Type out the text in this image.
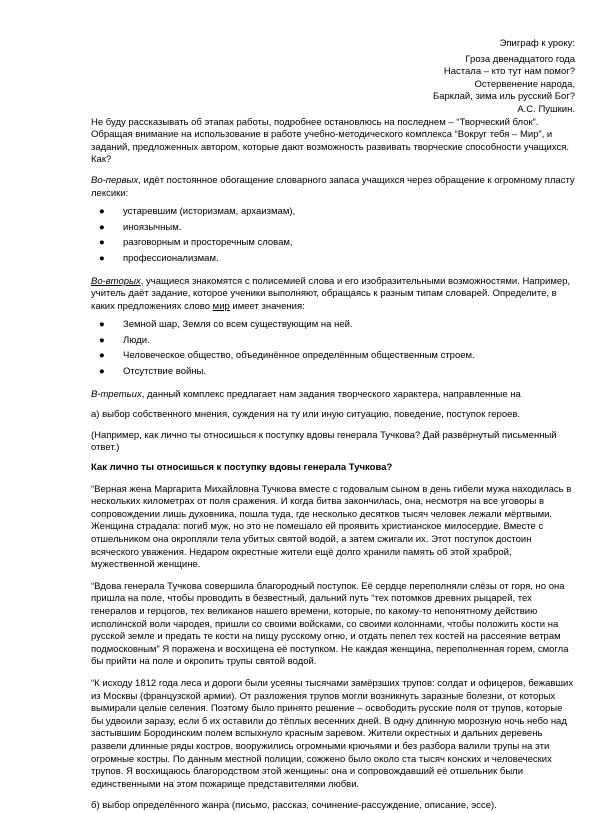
Эпиграф к уроку:
Гроза двенадцатого года
Настала – кто тут нам помог?
Остервенение народа,
Барклай, зима иль русский Бог?
А.С. Пушкин.

Не буду рассказывать об этапах работы, подробнее остановлюсь на последнем – “Творческий блок”. Обращая внимание на использование в работе учебно-методического комплекса “Вокруг тебя – Мир”, и заданий, предложенных автором, которые дают возможность развивать творческие способности учащихся. Как?

Во-первых, идёт постоянное обогащение словарного запаса учащихся через обращение к огромному пласту лексики:

● устаревшим (историзмам, архаизмам),
● иноязычным.
● разговорным и просторечным словам,
● профессионализмам.

Во-вторых, учащиеся знакомятся с полисемией слова и его изобразительными возможностями. Например, учитель даёт задание, которое ученики выполняют, обращаясь к разным типам словарей. Определите, в каких предложениях слово мир имеет значения:

● Земной шар, Земля со всем существующим на ней.
● Люди.
● Человеческое общество, объединённое определённым общественным строем.
● Отсутствие войны.

В-третьих, данный комплекс предлагает нам задания творческого характера, направленные на

а) выбор собственного мнения, суждения на ту или иную ситуацию, поведение, поступок героев.

(Например, как лично ты относишься к поступку вдовы генерала Тучкова? Дай развёрнутый письменный ответ.)

Как лично ты относишься к поступку вдовы генерала Тучкова?

“Верная жена Маргарита Михайловна Тучкова вместе с годовалым сыном в день гибели мужа находилась в нескольких километрах от поля сражения. И когда битва закончилась, она, несмотря на все уговоры в сопровождении лишь духовника, пошла туда, где несколько десятков тысяч человек лежали мёртвыми. Женщина страдала: погиб муж, но это не помешало ей проявить христианское милосердие. Вместе с отшельником она окропляли тела убитых святой водой, а затем сжигали их. Этот поступок достоин всяческого уважения. Недаром окрестные жители ещё долго хранили память об этой храброй, мужественной женщине.

“Вдова генерала Тучкова совершила благородный поступок. Её сердце переполняли слёзы от горя, но она пришла на поле, чтобы проводить в безвестный, дальний путь “тех потомков древних рыцарей, тех генералов и герцогов, тех великанов нашего времени, которые, по какому-то непонятному действию исполинской воли чародея, пришли со своими войсками, со своими колоннами, чтобы положить кости на русской земле и предать те кости на пищу русскому огню, и отдать пепел тех костей на рассеяние ветрам подмосковным” Я поражена и восхищена её поступком. Не каждая женщина, переполненная горем, смогла бы прийти на поле и окропить трупы святой водой.

“К исходу 1812 года леса и дороги были усеяны тысячами замёрзших трупов: солдат и офицеров, бежавших из Москвы (французской армии). От разложения трупов могли возникнуть заразные болезни, от которых вымирали целые селения. Поэтому было принято решение – освободить русские поля от трупов, которые бы удвоили заразу, если б их оставили до тёплых весенних дней. В одну длинную морозную ночь небо над застывшим Бородинским полем вспыхнуло красным заревом. Жители окрестных и дальних деревень развели длинные ряды костров, вооружились огромными крючьями и без разбора валили трупы на эти огромные костры. По данным местной полиции, сожжено было около ста тысяч конских и человеческих трупов. Я восхищаюсь благородством этой женщины: она и сопровождавший её отшельник были единственными на этом пожарище представителями любви.

б) выбор определённого жанра (письмо, рассказ, сочинение-рассуждение, описание, эссе).
